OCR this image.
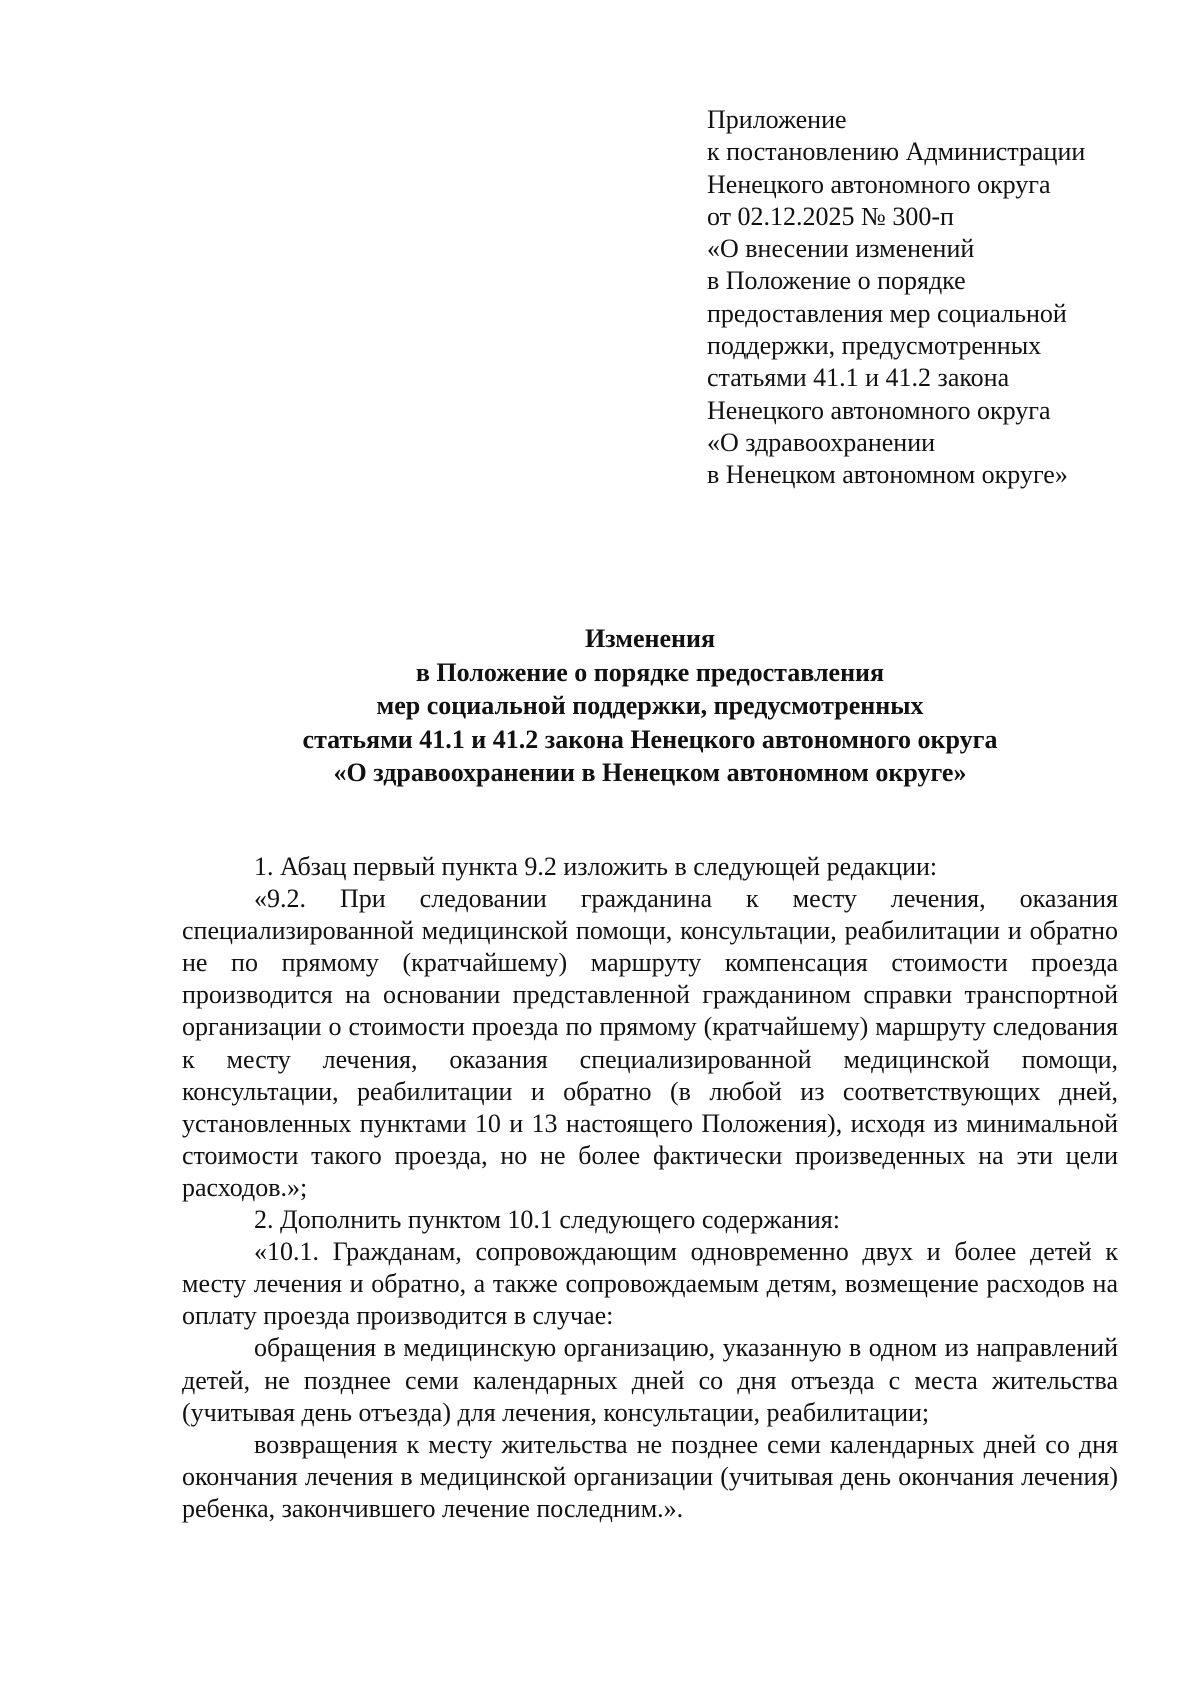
Приложение
к постановлению Администрации
Ненецкого автономного округа
от 02.12.2025 № 300-п
«О внесении изменений
в Положение о порядке
предоставления мер социальной
поддержки, предусмотренных
статьями 41.1 и 41.2 закона
Ненецкого автономного округа
«О здравоохранении
в Ненецком автономном округе»
Изменения
в Положение о порядке предоставления
мер социальной поддержки, предусмотренных
статьями 41.1 и 41.2 закона Ненецкого автономного округа
«О здравоохранении в Ненецком автономном округе»

1. Абзац первый пункта 9.2 изложить в следующей редакции:

«9.2. При следовании гражданина к месту лечения, оказания специализированной медицинской помощи, консультации, реабилитации и обратно не по прямому (кратчайшему) маршруту компенсация стоимости проезда производится на основании представленной гражданином справки транспортной организации о стоимости проезда по прямому (кратчайшему) маршруту следования к месту лечения, оказания специализированной медицинской помощи, консультации, реабилитации и обратно (в любой из соответствующих дней, установленных пунктами 10 и 13 настоящего Положения), исходя из минимальной стоимости такого проезда, но не более фактически произведенных на эти цели расходов.»;

2. Дополнить пунктом 10.1 следующего содержания:

«10.1. Гражданам, сопровождающим одновременно двух и более детей к месту лечения и обратно, а также сопровождаемым детям, возмещение расходов на оплату проезда производится в случае:

обращения в медицинскую организацию, указанную в одном из направлений детей, не позднее семи календарных дней со дня отъезда с места жительства (учитывая день отъезда) для лечения, консультации, реабилитации;

возвращения к месту жительства не позднее семи календарных дней со дня окончания лечения в медицинской организации (учитывая день окончания лечения) ребенка, закончившего лечение последним.».
